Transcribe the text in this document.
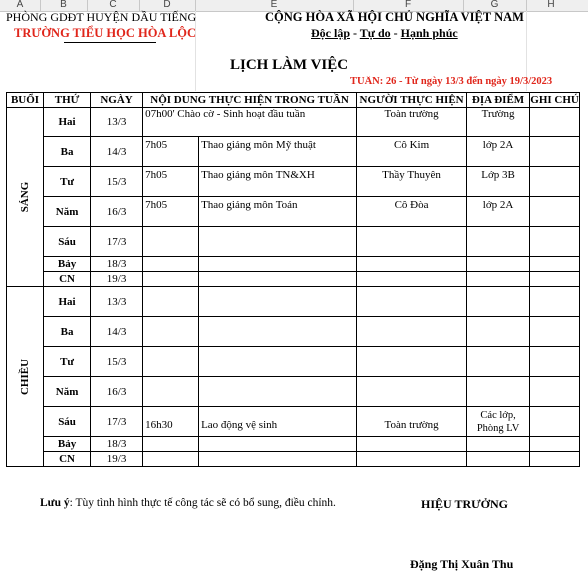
A	B	C	D	E	F	G	H
PHÒNG GDĐT HUYỆN DẦU TIẾNG
TRƯỜNG TIỂU HỌC HÒA LỘC
CỘNG HÒA XÃ HỘI CHỦ NGHĨA VIỆT NAM
Độc lập - Tự do - Hạnh phúc
LỊCH LÀM VIỆC
TUẦN: 26 - Từ ngày 13/3 đến ngày 19/3/2023
BUỔI	THỨ	NGÀY	NỘI DUNG THỰC HIỆN TRONG TUẦN		NGƯỜI THỰC HIỆN	ĐỊA ĐIỂM	GHI CHÚ

SÁNG	Hai	13/3	07h00' Chào cờ - Sinh hoạt đầu tuần		Toàn trường	Trường	
	Ba	14/3	7h05	Thao giảng môn Mỹ thuật	Cô Kim	lớp 2A	
	Tư	15/3	7h05	Thao giảng môn TN&XH	Thầy Thuyên	Lớp 3B	
	Năm	16/3	7h05	Thao giảng môn Toán	Cô Đòa	lớp 2A	
	Sáu	17/3					
	Bảy	18/3					
	CN	19/3					

CHIỀU	Hai	13/3					
	Ba	14/3					
	Tư	15/3					
	Năm	16/3					
	Sáu	17/3	16h30	Lao động vệ sinh	Toàn trường	Các lớp,
Phòng LV	

	Bảy	18/3					
	CN	19/3					
Lưu ý: Tùy tình hình thực tế công tác sẽ có bổ sung, điều chỉnh.	HIỆU TRƯỞNG
Đặng Thị Xuân Thu
